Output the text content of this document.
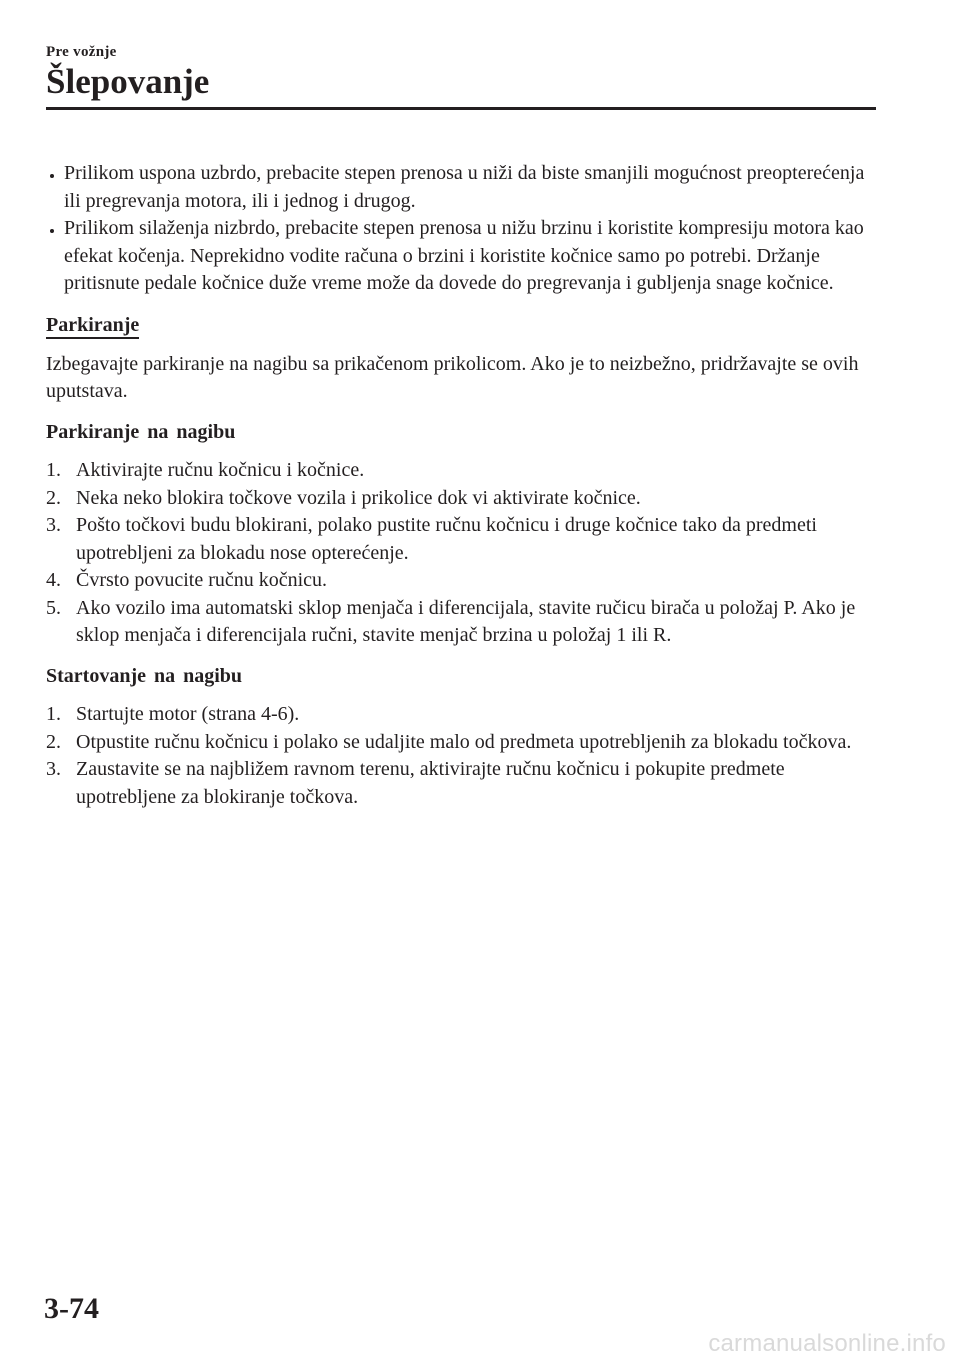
Pre vožnje
Šlepovanje
Prilikom uspona uzbrdo, prebacite stepen prenosa u niži da biste smanjili mogućnost preopterećenja ili pregrevanja motora, ili i jednog i drugog.
Prilikom silaženja nizbrdo, prebacite stepen prenosa u nižu brzinu i koristite kompresiju motora kao efekat kočenja. Neprekidno vodite računa o brzini i koristite kočnice samo po potrebi. Držanje pritisnute pedale kočnice duže vreme može da dovede do pregrevanja i gubljenja snage kočnice.
Parkiranje

Izbegavajte parkiranje na nagibu sa prikačenom prikolicom. Ako je to neizbežno, pridržavajte se ovih uputstava.

Parkiranje na nagibu
1. Aktivirajte ručnu kočnicu i kočnice.
2. Neka neko blokira točkove vozila i prikolice dok vi aktivirate kočnice.
3. Pošto točkovi budu blokirani, polako pustite ručnu kočnicu i druge kočnice tako da predmeti upotrebljeni za blokadu nose opterećenje.
4. Čvrsto povucite ručnu kočnicu.
5. Ako vozilo ima automatski sklop menjača i diferencijala, stavite ručicu birača u položaj P. Ako je sklop menjača i diferencijala ručni, stavite menjač brzina u položaj 1 ili R.
Startovanje na nagibu
1. Startujte motor (strana 4-6).
2. Otpustite ručnu kočnicu i polako se udaljite malo od predmeta upotrebljenih za blokadu točkova.
3. Zaustavite se na najbližem ravnom terenu, aktivirajte ručnu kočnicu i pokupite predmete upotrebljene za blokiranje točkova.
3-74
carmanualsonline.info
